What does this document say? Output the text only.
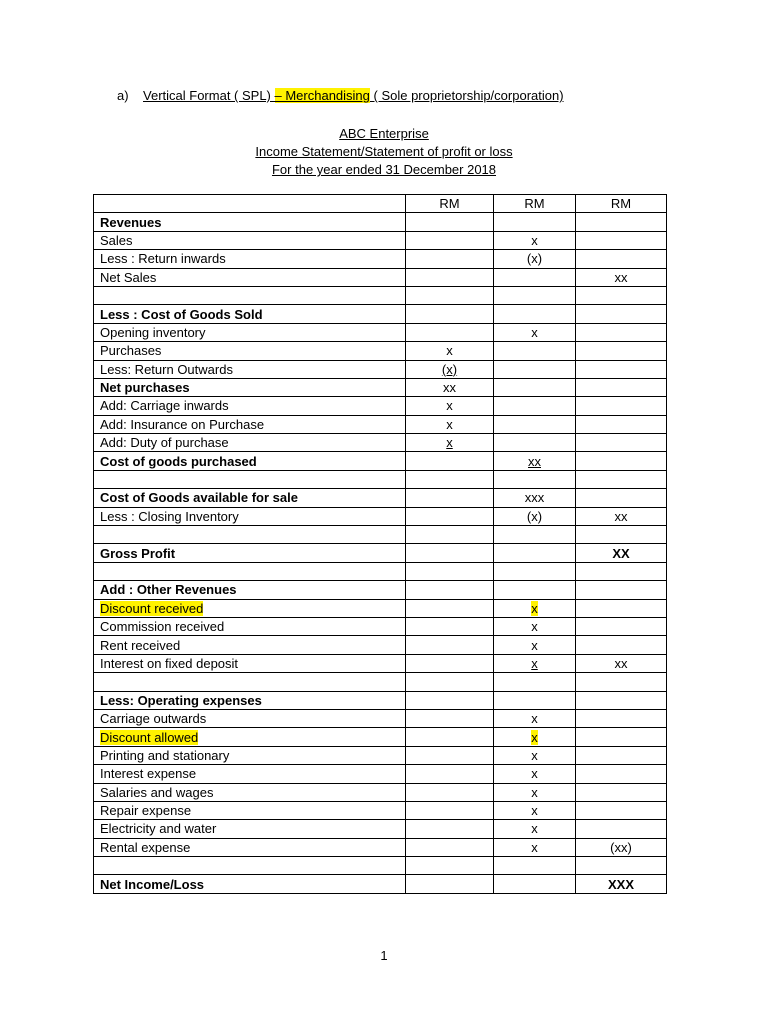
a) Vertical Format ( SPL) – Merchandising ( Sole proprietorship/corporation)
ABC Enterprise
Income Statement/Statement of profit or loss
For the year ended 31 December 2018
	RM	RM	RM
Revenues			
Sales		x	
Less : Return inwards		(x)	
Net Sales			xx

Less : Cost of Goods Sold			
Opening inventory		x	
Purchases	x		
Less: Return Outwards	(x)		
Net purchases	xx		
Add: Carriage inwards	x		
Add: Insurance on Purchase	x		
Add: Duty of purchase	x		
Cost of goods purchased		xx	

Cost of Goods available for sale		xxx	
Less : Closing Inventory		(x)	xx

Gross Profit			XX

Add : Other Revenues			
Discount received		x	
Commission received		x	
Rent received		x	
Interest on fixed deposit		x	xx

Less: Operating expenses			
Carriage outwards		x	
Discount allowed		x	
Printing and stationary		x	
Interest expense		x	
Salaries and wages		x	
Repair expense		x	
Electricity and water		x	
Rental expense		x	(xx)

Net Income/Loss			XXX
1
